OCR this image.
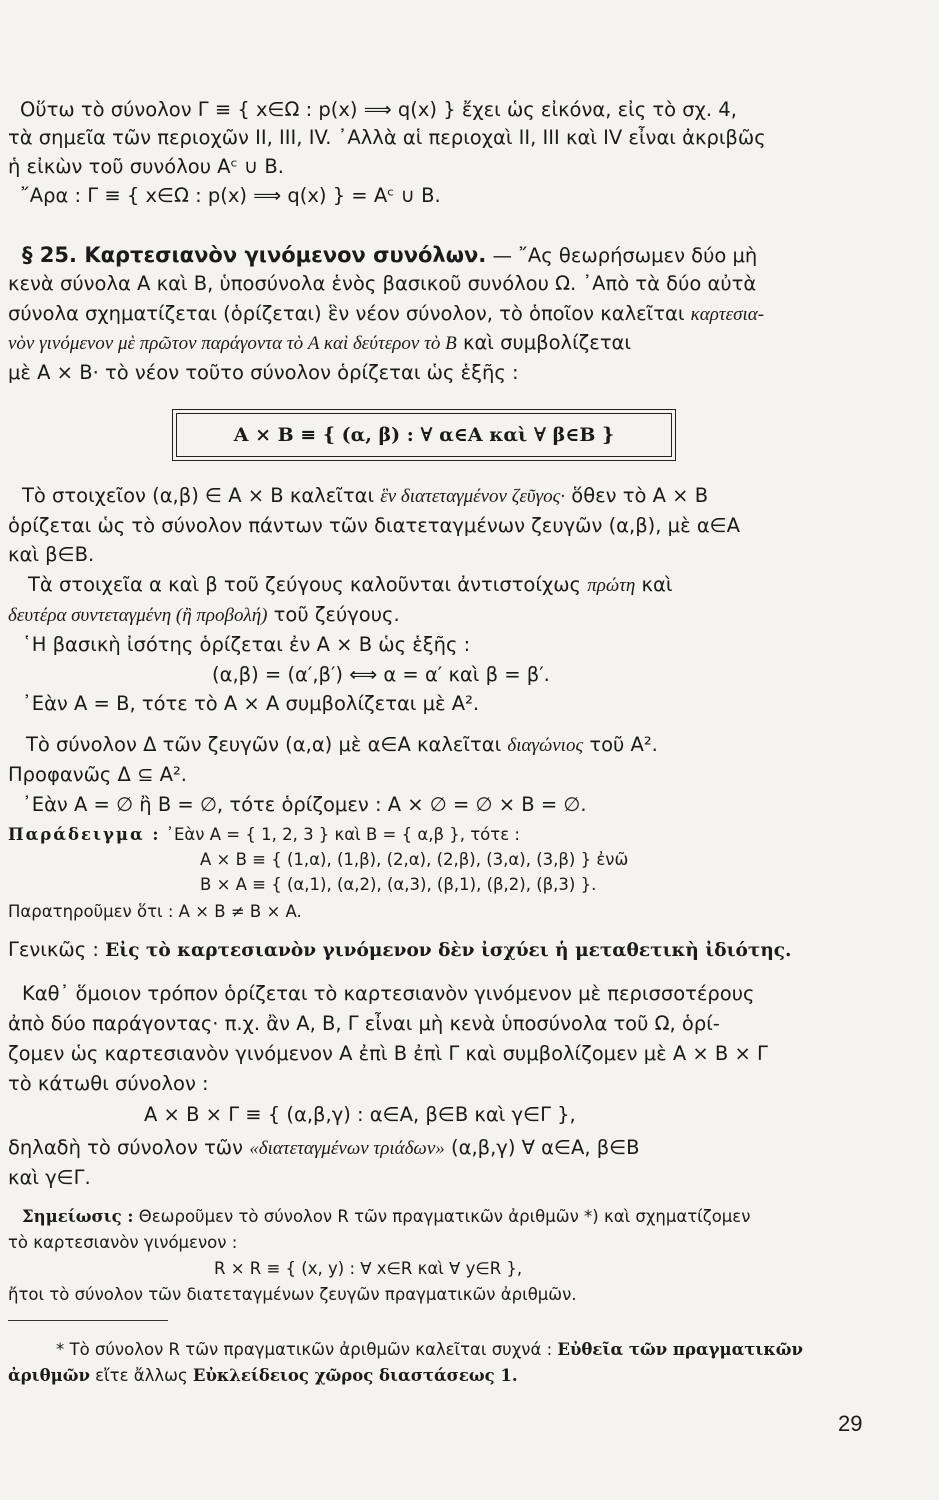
Οὕτω τὸ σύνολον Γ ≡ { x∈Ω : p(x) ⟹ q(x) } ἔχει ὡς εἰκόνα, εἰς τὸ σχ. 4,
τὰ σημεῖα τῶν περιοχῶν II, III, IV. ᾿Αλλὰ αἱ περιοχαὶ II, III καὶ IV εἶναι ἀκριβῶς
ἡ εἰκὼν τοῦ συνόλου Aᶜ ∪ B.
῎Αρα : Γ ≡ { x∈Ω : p(x) ⟹ q(x) } = Aᶜ ∪ B.
§ 25. Καρτεσιανὸν γινόμενον συνόλων. — ῎Ας θεωρήσωμεν δύο μὴ
κενὰ σύνολα A καὶ B, ὑποσύνολα ἑνὸς βασικοῦ συνόλου Ω. ᾿Απὸ τὰ δύο αὐτὰ
σύνολα σχηματίζεται (ὁρίζεται) ἓν νέον σύνολον, τὸ ὁποῖον καλεῖται καρτεσια-
νὸν γινόμενον μὲ πρῶτον παράγοντα τὸ A καὶ δεύτερον τὸ B καὶ συμβολίζεται
μὲ A × B· τὸ νέον τοῦτο σύνολον ὁρίζεται ὡς ἑξῆς :
A × B ≡ { (α, β) : ∀ α∈A καὶ ∀ β∈B }
Τὸ στοιχεῖον (α,β) ∈ A × B καλεῖται ἓν διατεταγμένον ζεῦγος· ὅθεν τὸ A × B
ὁρίζεται ὡς τὸ σύνολον πάντων τῶν διατεταγμένων ζευγῶν (α,β), μὲ α∈A
καὶ β∈B.
Τὰ στοιχεῖα α καὶ β τοῦ ζεύγους καλοῦνται ἀντιστοίχως πρώτη καὶ
δευτέρα συντεταγμένη (ἢ προβολή) τοῦ ζεύγους.
῾Η βασικὴ ἰσότης ὁρίζεται ἐν A × B ὡς ἑξῆς :
(α,β) = (α′,β′) ⟺ α = α′ καὶ β = β′.
᾿Εὰν A = B, τότε τὸ A × A συμβολίζεται μὲ A².
Τὸ σύνολον Δ τῶν ζευγῶν (α,α) μὲ α∈A καλεῖται διαγώνιος τοῦ A².
Προφανῶς Δ ⊆ A².
᾿Εὰν A = ∅ ἢ B = ∅, τότε ὁρίζομεν : A × ∅ = ∅ × B = ∅.
Παράδειγμα : ᾿Εὰν A = { 1, 2, 3 } καὶ B = { α,β }, τότε :
A × B ≡ { (1,α), (1,β), (2,α), (2,β), (3,α), (3,β) } ἐνῶ
B × A ≡ { (α,1), (α,2), (α,3), (β,1), (β,2), (β,3) }.
Παρατηροῦμεν ὅτι : A × B ≠ B × A.
Γενικῶς : Εἰς τὸ καρτεσιανὸν γινόμενον δὲν ἰσχύει ἡ μεταθετικὴ ἰδιότης.
Καθ᾿ ὅμοιον τρόπον ὁρίζεται τὸ καρτεσιανὸν γινόμενον μὲ περισσοτέρους
ἀπὸ δύο παράγοντας· π.χ. ἂν A, B, Γ εἶναι μὴ κενὰ ὑποσύνολα τοῦ Ω, ὁρί-
ζομεν ὡς καρτεσιανὸν γινόμενον A ἐπὶ B ἐπὶ Γ καὶ συμβολίζομεν μὲ A × B × Γ
τὸ κάτωθι σύνολον :
A × B × Γ ≡ { (α,β,γ) : α∈A, β∈B καὶ γ∈Γ },
δηλαδὴ τὸ σύνολον τῶν «διατεταγμένων τριάδων» (α,β,γ) ∀ α∈A, β∈B
καὶ γ∈Γ.
Σημείωσις : Θεωροῦμεν τὸ σύνολον R τῶν πραγματικῶν ἀριθμῶν *) καὶ σχηματίζομεν
τὸ καρτεσιανὸν γινόμενον :
R × R ≡ { (x, y) : ∀ x∈R καὶ ∀ y∈R },
ἤτοι τὸ σύνολον τῶν διατεταγμένων ζευγῶν πραγματικῶν ἀριθμῶν.
* Τὸ σύνολον R τῶν πραγματικῶν ἀριθμῶν καλεῖται συχνά : Εὐθεῖα τῶν πραγματικῶν
ἀριθμῶν εἴτε ἄλλως Εὐκλείδειος χῶρος διαστάσεως 1.
29
